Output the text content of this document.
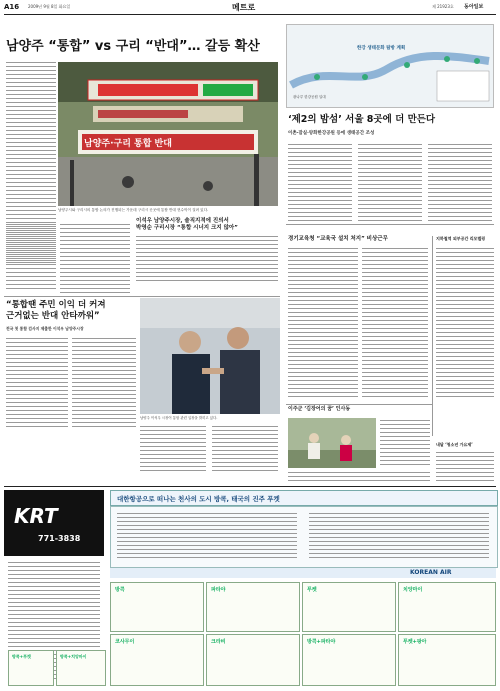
A16 2009년 9월 8일 화요일	메트로	제 21923호 동아일보
남양주 “통합” vs 구리 “반대”… 갈등 확산
남양주·구리 통합 반대
남양주시와 구리시의 통합 논의가 진행되는 가운데 구리시 곳곳에 통합 반대 현수막이 걸려 있다.
이석우 남양주시장, 솔직지적에 진의서
박영순 구리시장 “통합 시너지 크지 않아”
한강 생태문화 탐방 계획
광나루 한강공원 일대
‘제2의 밤섬’ 서울 8곳에 더 만든다
이촌·잠실·양화한강공원 등에 생태공간 조성
“통합땐 주민 이익 더 커져
근거없는 반대 안타까워”
전국 첫 통합 검사지 제출한 이석우 남양주시장
남양주 이석우 시장이 통합 관련 입장을 밝히고 있다.
경기교육청 “교육국 설치 처지” 비상근무	지하철역 외부공간 리모델링
이주군 ‘김장어의 꿈’ 인사동
내달 ‘청소년 가요제’
KRT
771-3838
대한항공으로 떠나는 천사의 도시 방콕, 태국의 진주 푸켓
KOREAN AIR
방콕	파타야	푸켓	치앙마이
코사무이	크라비	방콕+파타야	푸켓+팡아
방콕+푸켓	방콕+치앙마이
